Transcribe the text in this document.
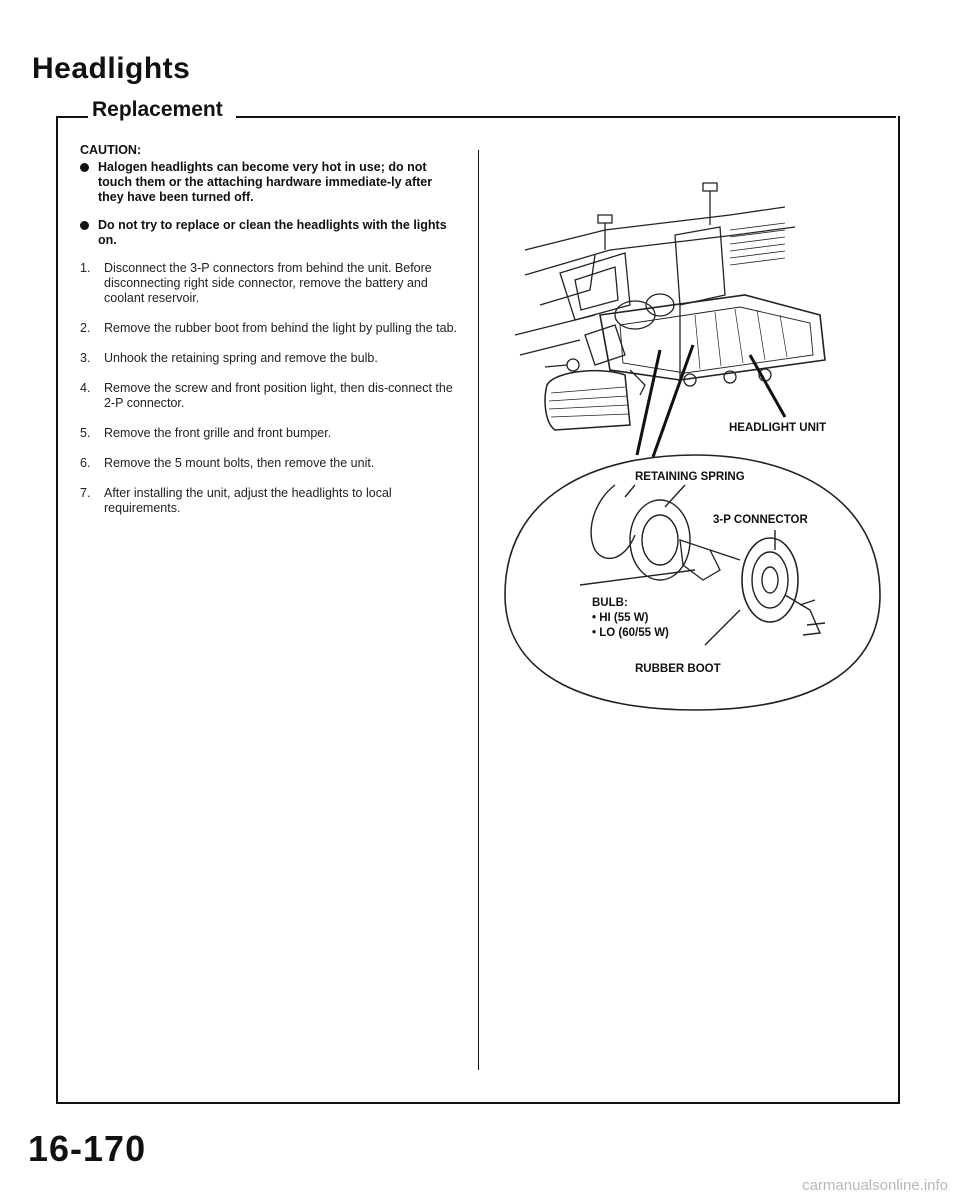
Headlights
Replacement
CAUTION:
Halogen headlights can become very hot in use; do not touch them or the attaching hardware immediate-ly after they have been turned off.
Do not try to replace or clean the headlights with the lights on.
1. Disconnect the 3-P connectors from behind the unit. Before disconnecting right side connector, remove the battery and coolant reservoir.
2. Remove the rubber boot from behind the light by pulling the tab.
3. Unhook the retaining spring and remove the bulb.
4. Remove the screw and front position light, then dis-connect the 2-P connector.
5. Remove the front grille and front bumper.
6. Remove the 5 mount bolts, then remove the unit.
7. After installing the unit, adjust the headlights to local requirements.
HEADLIGHT UNIT
RETAINING SPRING
3-P CONNECTOR
BULB:
• HI (55 W)
• LO (60/55 W)
RUBBER BOOT
16-170
carmanualsonline.info
